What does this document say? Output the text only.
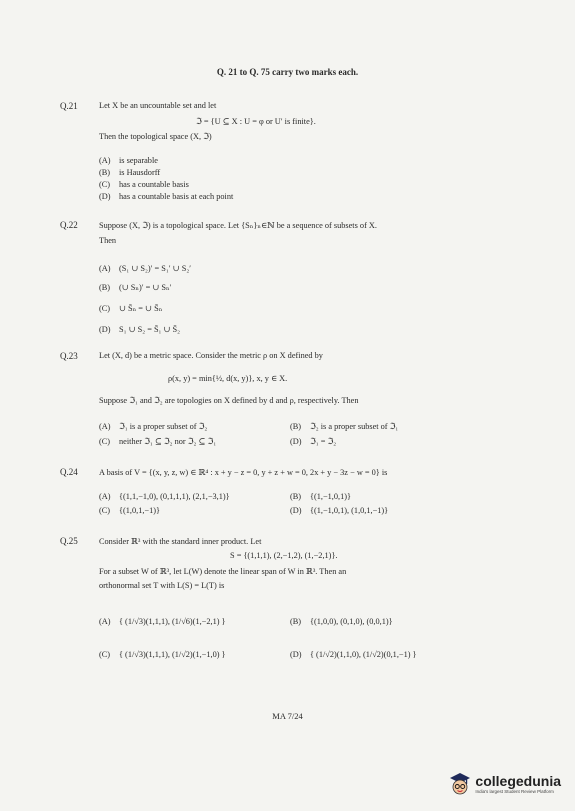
Q. 21 to Q. 75 carry two marks each.
Q.21	Let X be an uncountable set and let
ℑ = {U ⊆ X : U = φ or U′ is finite}.
Then the topological space (X, ℑ)
(A) is separable
(B) is Hausdorff
(C) has a countable basis
(D) has a countable basis at each point
Q.22	Suppose (X, ℑ) is a topological space. Let {Sₙ}ₙ∈ℕ be a sequence of subsets of X.
Then
(A) (S₁ ∪ S₂)′ = S₁′ ∪ S₂′
(B) (∪ Sₙ)′ = ∪ Sₙ′
(C) ∪ S̄ₙ = ∪ S̄ₙ
(D) S₁ ∪ S₂ = S̄₁ ∪ S̄₂
Q.23	Let (X, d) be a metric space. Consider the metric ρ on X defined by
ρ(x, y) = min{½, d(x, y)}, x, y ∈ X.
Suppose ℑ₁ and ℑ₂ are topologies on X defined by d and ρ, respectively. Then
(A) ℑ₁ is a proper subset of ℑ₂	(B) ℑ₂ is a proper subset of ℑ₁
(C) neither ℑ₁ ⊆ ℑ₂ nor ℑ₂ ⊆ ℑ₁	(D) ℑ₁ = ℑ₂
Q.24	A basis of V = {(x, y, z, w) ∈ ℝ⁴ : x + y − z = 0, y + z + w = 0, 2x + y − 3z − w = 0} is
(A) {(1,1,−1,0), (0,1,1,1), (2,1,−3,1)}	(B) {(1,−1,0,1)}
(C) {(1,0,1,−1)}	(D) {(1,−1,0,1), (1,0,1,−1)}
Q.25	Consider ℝ³ with the standard inner product. Let
S = {(1,1,1), (2,−1,2), (1,−2,1)}.
For a subset W of ℝ³, let L(W) denote the linear span of W in ℝ³. Then an
orthonormal set T with L(S) = L(T) is
(A) { (1/√3)(1,1,1), (1/√6)(1,−2,1) }	(B) {(1,0,0), (0,1,0), (0,0,1)}
(C) { (1/√3)(1,1,1), (1/√2)(1,−1,0) }	(D) { (1/√2)(1,1,0), (1/√2)(0,1,−1) }
MA 7/24
collegedunia
India's largest Student Review Platform
